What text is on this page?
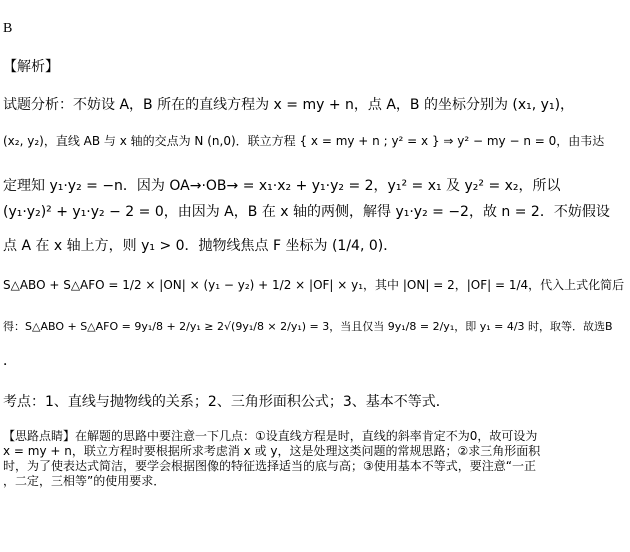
B
【解析】
试题分析：不妨设 A，B 所在的直线方程为 x = my + n，点 A，B 的坐标分别为 (x₁, y₁)，
(x₂, y₂)，直线 AB 与 x 轴的交点为 N (n,0)．联立方程 { x = my + n ; y² = x } ⇒ y² − my − n = 0，由韦达
定理知 y₁·y₂ = −n．因为 OA→·OB→ = x₁·x₂ + y₁·y₂ = 2，y₁² = x₁ 及 y₂² = x₂，所以
(y₁·y₂)² + y₁·y₂ − 2 = 0，由因为 A，B 在 x 轴的两侧，解得 y₁·y₂ = −2，故 n = 2．不妨假设
点 A 在 x 轴上方，则 y₁ > 0．抛物线焦点 F 坐标为 (1/4, 0)．
S△ABO + S△AFO = 1/2 × |ON| × (y₁ − y₂) + 1/2 × |OF| × y₁，其中 |ON| = 2，|OF| = 1/4，代入上式化简后
得：S△ABO + S△AFO = 9y₁/8 + 2/y₁ ≥ 2√(9y₁/8 × 2/y₁) = 3，当且仅当 9y₁/8 = 2/y₁，即 y₁ = 4/3 时，取等．故选B
．
考点：1、直线与抛物线的关系；2、三角形面积公式；3、基本不等式．
【思路点睛】在解题的思路中要注意一下几点：①设直线方程是时，直线的斜率肯定不为0，故可设为
x = my + n，联立方程时要根据所求考虑消 x 或 y，这是处理这类问题的常规思路；②求三角形面积
时，为了使表达式简洁，要学会根据图像的特征选择适当的底与高；③使用基本不等式，要注意“一正
，二定，三相等”的使用要求．
